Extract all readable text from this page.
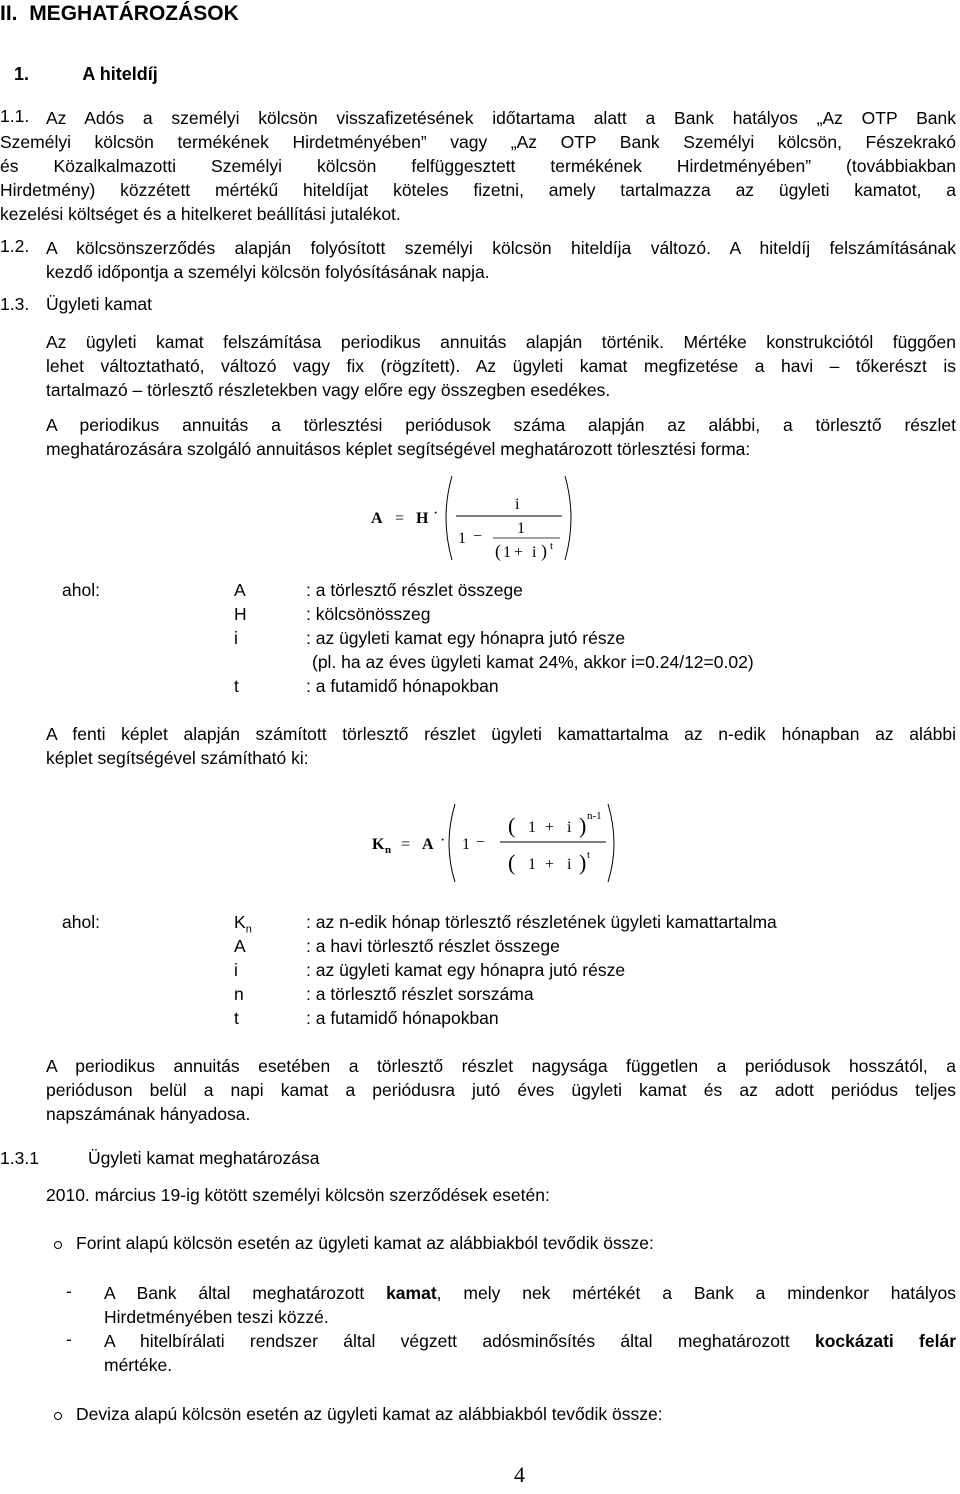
II. MEGHATÁROZÁSOK
1.	A hiteldíj
1.1. Az Adós a személyi kölcsön visszafizetésének időtartama alatt a Bank hatályos „Az OTP Bank
Személyi kölcsön termékének Hirdetményében” vagy „Az OTP Bank Személyi kölcsön, Fészekrakó
és Közalkalmazotti Személyi kölcsön felfüggesztett termékének Hirdetményében” (továbbiakban
Hirdetmény) közzétett mértékű hiteldíjat köteles fizetni, amely tartalmazza az ügyleti kamatot, a
kezelési költséget és a hitelkeret beállítási jutalékot.
1.2. A kölcsönszerződés alapján folyósított személyi kölcsön hiteldíja változó. A hiteldíj felszámításának
kezdő időpontja a személyi kölcsön folyósításának napja.
1.3. Ügyleti kamat
Az ügyleti kamat felszámítása periodikus annuitás alapján történik. Mértéke konstrukciótól függően
lehet változtatható, változó vagy fix (rögzített). Az ügyleti kamat megfizetése a havi – tőkerészt is
tartalmazó – törlesztő részletekben vagy előre egy összegben esedékes.
A periodikus annuitás a törlesztési periódusok száma alapján az alábbi, a törlesztő részlet
meghatározására szolgáló annuitásos képlet segítségével meghatározott törlesztési forma:
A = H ·
i
1 − 1
( 1 + i ) t
ahol:	A	: a törlesztő részlet összege
H	: kölcsönösszeg
i	: az ügyleti kamat egy hónapra jutó része
(pl. ha az éves ügyleti kamat 24%, akkor i=0.24/12=0.02)
t	: a futamidő hónapokban
A fenti képlet alapján számított törlesztő részlet ügyleti kamattartalma az n-edik hónapban az alábbi
képlet segítségével számítható ki:
K n = A · 1 −
( 1 + i ) n-1
( 1 + i ) t
ahol:	$K_n$	: az n-edik hónap törlesztő részletének ügyleti kamattartalma
A	: a havi törlesztő részlet összege
i	: az ügyleti kamat egy hónapra jutó része
n	: a törlesztő részlet sorszáma
t	: a futamidő hónapokban
A periodikus annuitás esetében a törlesztő részlet nagysága független a periódusok hosszától, a
perióduson belül a napi kamat a periódusra jutó éves ügyleti kamat és az adott periódus teljes
napszámának hányadosa.
1.3.1	Ügyleti kamat meghatározása
2010. március 19-ig kötött személyi kölcsön szerződések esetén:
Forint alapú kölcsön esetén az ügyleti kamat az alábbiakból tevődik össze:
- A Bank által meghatározott kamat, mely nek mértékét a Bank a mindenkor hatályos
Hirdetményében teszi közzé.
- A hitelbírálati rendszer által végzett adósminősítés által meghatározott kockázati felár
mértéke.
Deviza alapú kölcsön esetén az ügyleti kamat az alábbiakból tevődik össze:
4
